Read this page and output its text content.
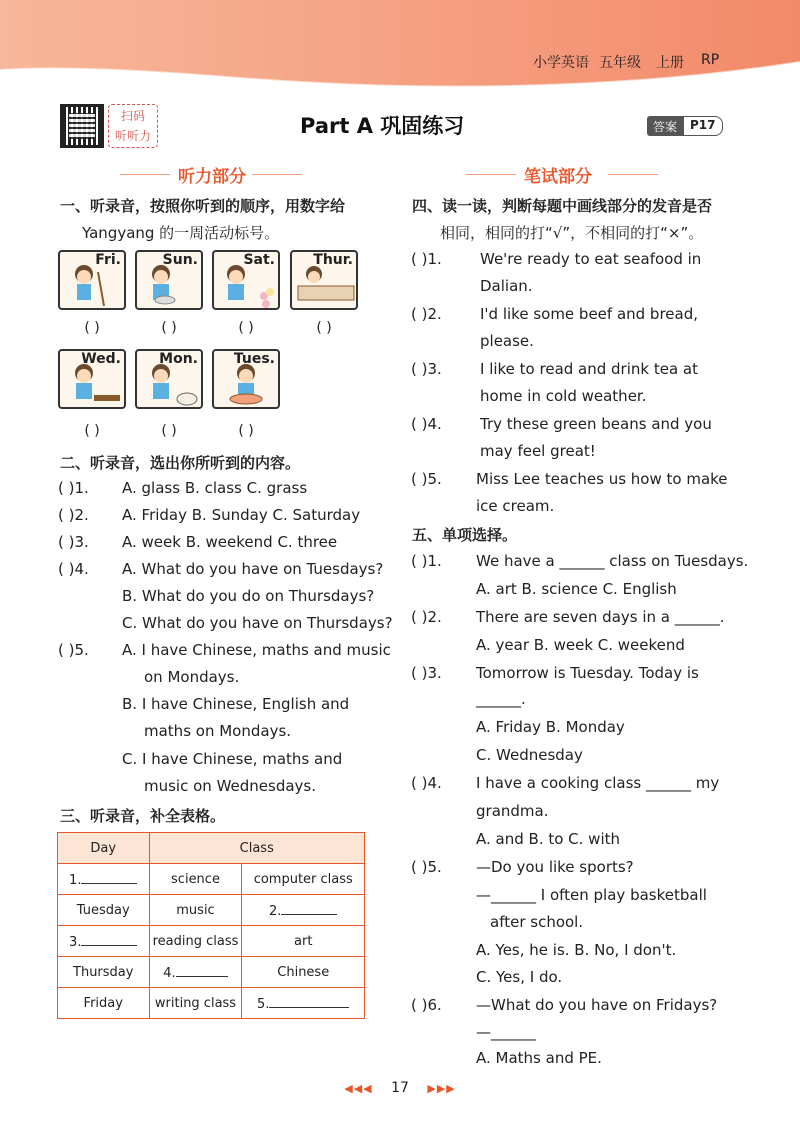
小学英语 五年级 上册 RP
扫码
听听力	Part A 巩固练习	答案	P17
听力部分	笔试部分
一、听录音，按照你听到的顺序，用数字给
Yangyang 的一周活动标号。
Fri.	Sun.	Sat.	Thur.
( )	( )	( )	( )
Wed.	Mon.	Tues.
( )	( )	( )
二、听录音，选出你所听到的内容。
( )1. A. glass B. class C. grass
( )2. A. Friday B. Sunday C. Saturday
( )3. A. week B. weekend C. three
( )4. A. What do you have on Tuesdays?
B. What do you do on Thursdays?
C. What do you have on Thursdays?
( )5. A. I have Chinese, maths and music
on Mondays.
B. I have Chinese, English and
maths on Mondays.
C. I have Chinese, maths and
music on Wednesdays.
三、听录音，补全表格。
Day	Class	
1.	science	computer class
Tuesday	music	2.
3.	reading class	art
Thursday	4.	Chinese
Friday	writing class	5.
四、读一读，判断每题中画线部分的发音是否
相同，相同的打“√”，不相同的打“×”。
( )1.	We're ready to eat seafood in
Dalian.
( )2.	I'd like some beef and bread,
please.
( )3.	I like to read and drink tea at
home in cold weather.
( )4.	Try these green beans and you
may feel great!
( )5. Miss Lee teaches us how to make
ice cream.
五、单项选择。
( )1. We have a ______ class on Tuesdays.
A. art B. science C. English
( )2. There are seven days in a ______.
A. year B. week C. weekend
( )3. Tomorrow is Tuesday. Today is
______.
A. Friday B. Monday
C. Wednesday
( )4. I have a cooking class ______ my
grandma.
A. and B. to C. with
( )5. —Do you like sports?
—______ I often play basketball
after school.
A. Yes, he is. B. No, I don't.
C. Yes, I do.
( )6. —What do you have on Fridays?
—______
A. Maths and PE.
◀◀◀ 17 ▶▶▶
